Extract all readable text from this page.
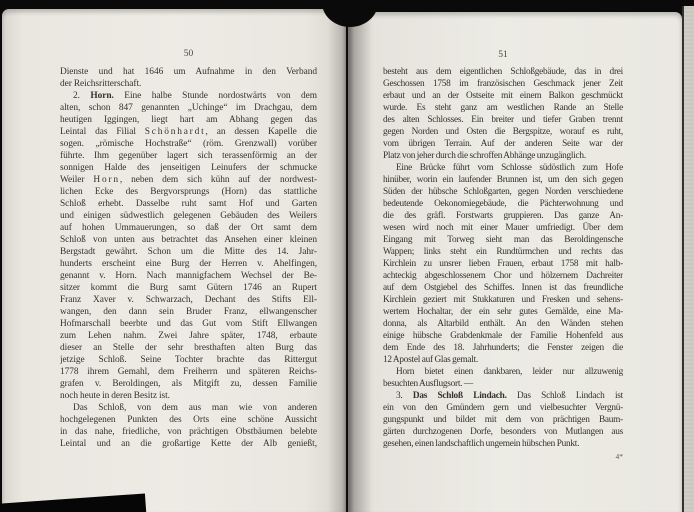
50	51
Dienste und hat 1646 um Aufnahme in den Verband
der Reichsritterschaft.
2. Horn. Eine halbe Stunde nordostwärts von dem
alten, schon 847 genannten „Uchinge“ im Drachgau, dem
heutigen Iggingen, liegt hart am Abhang gegen das
Leintal das Filial Schönhardt, an dessen Kapelle die
sogen. „römische Hochstraße“ (röm. Grenzwall) vorüber
führte. Ihm gegenüber lagert sich terassenförmig an der
sonnigen Halde des jenseitigen Leinufers der schmucke
Weiler Horn, neben dem sich kühn auf der nordwest-
lichen Ecke des Bergvorsprungs (Horn) das stattliche
Schloß erhebt. Dasselbe ruht samt Hof und Garten
und einigen südwestlich gelegenen Gebäuden des Weilers
auf hohen Ummauerungen, so daß der Ort samt dem
Schloß von unten aus betrachtet das Ansehen einer kleinen
Bergstadt gewährt. Schon um die Mitte des 14. Jahr-
hunderts erscheint eine Burg der Herren v. Ahelfingen,
genannt v. Horn. Nach mannigfachem Wechsel der Be-
sitzer kommt die Burg samt Gütern 1746 an Rupert
Franz Xaver v. Schwarzach, Dechant des Stifts Ell-
wangen, den dann sein Bruder Franz, ellwangenscher
Hofmarschall beerbte und das Gut vom Stift Ellwangen
zum Lehen nahm. Zwei Jahre später, 1748, erbaute
dieser an Stelle der sehr bresthaften alten Burg das
jetzige Schloß. Seine Tochter brachte das Rittergut
1778 ihrem Gemahl, dem Freiherrn und späteren Reichs-
grafen v. Beroldingen, als Mitgift zu, dessen Familie
noch heute in deren Besitz ist.
Das Schloß, von dem aus man wie von anderen
hochgelegenen Punkten des Orts eine schöne Aussicht
in das nahe, friedliche, von prächtigen Obstbäumen belebte
Leintal und an die großartige Kette der Alb genießt,
besteht aus dem eigentlichen Schloßgebäude, das in drei
Geschossen 1758 im französischen Geschmack jener Zeit
erbaut und an der Ostseite mit einem Balkon geschmückt
wurde. Es steht ganz am westlichen Rande an Stelle
des alten Schlosses. Ein breiter und tiefer Graben trennt
gegen Norden und Osten die Bergspitze, worauf es ruht,
vom übrigen Terrain. Auf der anderen Seite war der
Platz von jeher durch die schroffen Abhänge unzugänglich.
Eine Brücke führt vom Schlosse südöstlich zum Hofe
hinüber, worin ein laufender Brunnen ist, um den sich gegen
Süden der hübsche Schloßgarten, gegen Norden verschiedene
bedeutende Oekonomiegebäude, die Pächterwohnung und
die des gräfl. Forstwarts gruppieren. Das ganze An-
wesen wird noch mit einer Mauer umfriedigt. Über dem
Eingang mit Torweg sieht man das Beroldingensche
Wappen; links steht ein Rundtürmchen und rechts das
Kirchlein zu unsrer lieben Frauen, erbaut 1758 mit halb-
achteckig abgeschlossenem Chor und hölzernem Dachreiter
auf dem Ostgiebel des Schiffes. Innen ist das freundliche
Kirchlein geziert mit Stukkaturen und Fresken und sehens-
wertem Hochaltar, der ein sehr gutes Gemälde, eine Ma-
donna, als Altarbild enthält. An den Wänden stehen
einige hübsche Grabdenkmale der Familie Hohenfeld aus
dem Ende des 18. Jahrhunderts; die Fenster zeigen die
12 Apostel auf Glas gemalt.
Horn bietet einen dankbaren, leider nur allzuwenig
besuchten Ausflugsort. —
3. Das Schloß Lindach. Das Schloß Lindach ist
ein von den Gmündern gern und vielbesuchter Vergnü-
gungspunkt und bildet mit dem von prächtigen Baum-
gärten durchzogenen Dorfe, besonders von Mutlangen aus
gesehen, einen landschaftlich ungemein hübschen Punkt.
4*
